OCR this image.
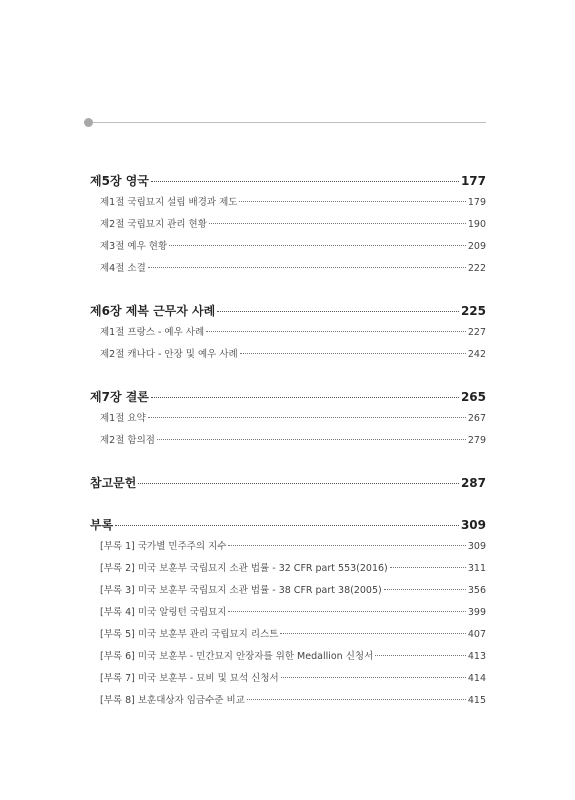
제5장 영국	177
제1절 국립묘지 설립 배경과 제도	179
제2절 국립묘지 관리 현황	190
제3절 예우 현황	209
제4절 소결	222
제6장 제복 근무자 사례	225
제1절 프랑스 - 예우 사례	227
제2절 캐나다 - 안장 및 예우 사례	242
제7장 결론	265
제1절 요약	267
제2절 함의점	279
참고문헌	287
부록	309
[부록 1] 국가별 민주주의 지수	309
[부록 2] 미국 보훈부 국립묘지 소관 법률 - 32 CFR part 553(2016)	311
[부록 3] 미국 보훈부 국립묘지 소관 법률 - 38 CFR part 38(2005)	356
[부록 4] 미국 알링턴 국립묘지	399
[부록 5] 미국 보훈부 관리 국립묘지 리스트	407
[부록 6] 미국 보훈부 - 민간묘지 안장자를 위한 Medallion 신청서	413
[부록 7] 미국 보훈부 - 묘비 및 묘석 신청서	414
[부록 8] 보훈대상자 임금수준 비교	415
